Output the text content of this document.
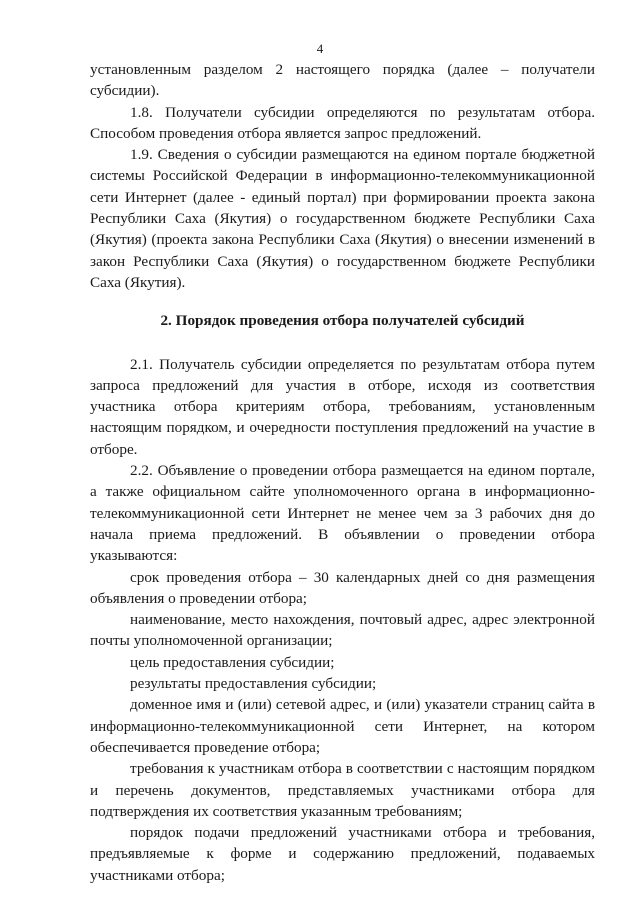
4

установленным разделом 2 настоящего порядка (далее – получатели субсидии).

1.8. Получатели субсидии определяются по результатам отбора. Способом проведения отбора является запрос предложений.

1.9. Сведения о субсидии размещаются на едином портале бюджетной системы Российской Федерации в информационно-телекоммуникационной сети Интернет (далее - единый портал) при формировании проекта закона Республики Саха (Якутия) о государственном бюджете Республики Саха (Якутия) (проекта закона Республики Саха (Якутия) о внесении изменений в закон Республики Саха (Якутия) о государственном бюджете Республики Саха (Якутия).

2. Порядок проведения отбора получателей субсидий

2.1. Получатель субсидии определяется по результатам отбора путем запроса предложений для участия в отборе, исходя из соответствия участника отбора критериям отбора, требованиям, установленным настоящим порядком, и очередности поступления предложений на участие в отборе.

2.2. Объявление о проведении отбора размещается на едином портале, а также официальном сайте уполномоченного органа в информационно-телекоммуникационной сети Интернет не менее чем за 3 рабочих дня до начала приема предложений. В объявлении о проведении отбора указываются:

срок проведения отбора – 30 календарных дней со дня размещения объявления о проведении отбора;

наименование, место нахождения, почтовый адрес, адрес электронной почты уполномоченной организации;

цель предоставления субсидии;

результаты предоставления субсидии;

доменное имя и (или) сетевой адрес, и (или) указатели страниц сайта в информационно-телекоммуникационной сети Интернет, на котором обеспечивается проведение отбора;

требования к участникам отбора в соответствии с настоящим порядком и перечень документов, представляемых участниками отбора для подтверждения их соответствия указанным требованиям;

порядок подачи предложений участниками отбора и требования, предъявляемые к форме и содержанию предложений, подаваемых участниками отбора;
